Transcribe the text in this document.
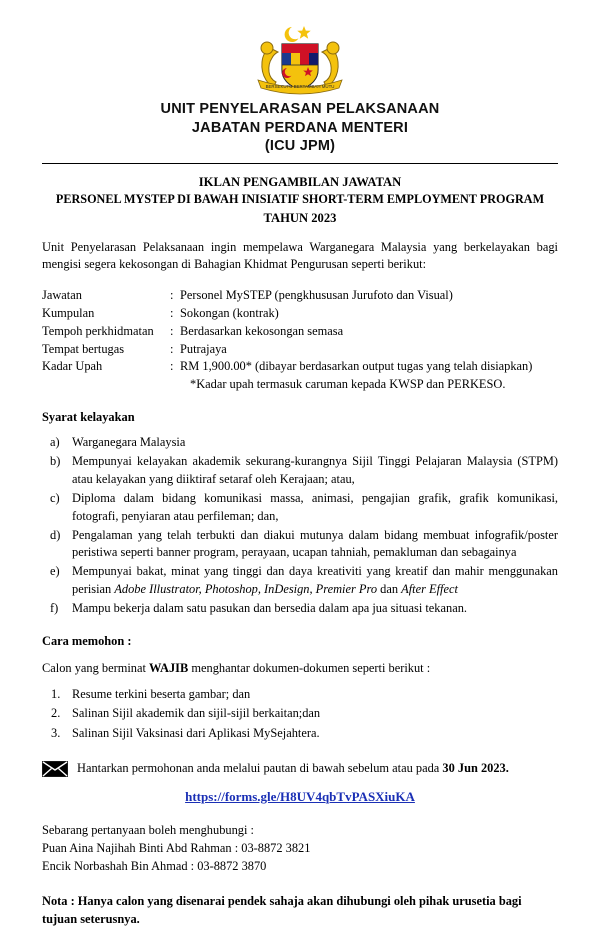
BERSEKUTU BERTAMBAH MUTU
UNIT PENYELARASAN PELAKSANAAN
JABATAN PERDANA MENTERI
(ICU JPM)
IKLAN PENGAMBILAN JAWATAN
PERSONEL MYSTEP DI BAWAH INISIATIF SHORT-TERM EMPLOYMENT PROGRAM
TAHUN 2023
Unit Penyelarasan Pelaksanaan ingin mempelawa Warganegara Malaysia yang berkelayakan bagi mengisi segera kekosongan di Bahagian Khidmat Pengurusan seperti berikut:
Jawatan	:	Personel MySTEP (pengkhususan Jurufoto dan Visual)
Kumpulan	:	Sokongan (kontrak)
Tempoh perkhidmatan	:	Berdasarkan kekosongan semasa
Tempat bertugas	:	Putrajaya
Kadar Upah	:	RM 1,900.00* (dibayar berdasarkan output tugas yang telah disiapkan)
*Kadar upah termasuk caruman kepada KWSP dan PERKESO.
Syarat kelayakan
a) Warganegara Malaysia
b) Mempunyai kelayakan akademik sekurang-kurangnya Sijil Tinggi Pelajaran Malaysia (STPM) atau kelayakan yang diiktiraf setaraf oleh Kerajaan; atau,
c) Diploma dalam bidang komunikasi massa, animasi, pengajian grafik, grafik komunikasi, fotografi, penyiaran atau perfileman; dan,
d) Pengalaman yang telah terbukti dan diakui mutunya dalam bidang membuat infografik/poster peristiwa seperti banner program, perayaan, ucapan tahniah, pemakluman dan sebagainya
e) Mempunyai bakat, minat yang tinggi dan daya kreativiti yang kreatif dan mahir menggunakan perisian Adobe Illustrator, Photoshop, InDesign, Premier Pro dan After Effect
f) Mampu bekerja dalam satu pasukan dan bersedia dalam apa jua situasi tekanan.
Cara memohon :
Calon yang berminat WAJIB menghantar dokumen-dokumen seperti berikut :
1. Resume terkini beserta gambar; dan
2. Salinan Sijil akademik dan sijil-sijil berkaitan;dan
3. Salinan Sijil Vaksinasi dari Aplikasi MySejahtera.
Hantarkan permohonan anda melalui pautan di bawah sebelum atau pada 30 Jun 2023.
https://forms.gle/H8UV4qbTvPASXiuKA
Sebarang pertanyaan boleh menghubungi :
Puan Aina Najihah Binti Abd Rahman : 03-8872 3821
Encik Norbashah Bin Ahmad : 03-8872 3870
Nota : Hanya calon yang disenarai pendek sahaja akan dihubungi oleh pihak urusetia bagi
tujuan seterusnya.
